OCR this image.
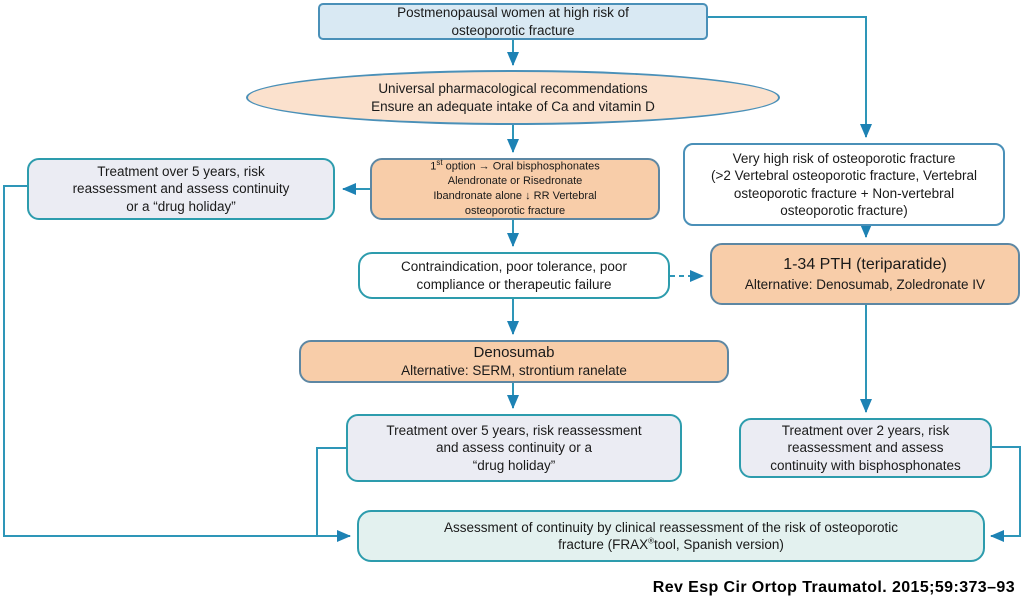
Postmenopausal women at high risk of
osteoporotic fracture
Universal pharmacological recommendations
Ensure an adequate intake of Ca and vitamin D
Treatment over 5 years, risk
reassessment and assess continuity
or a “drug holiday”
1st option → Oral bisphosphonates
Alendronate or Risedronate
Ibandronate alone ↓ RR Vertebral
osteoporotic fracture
Very high risk of osteoporotic fracture
(>2 Vertebral osteoporotic fracture, Vertebral
osteoporotic fracture + Non-vertebral
osteoporotic fracture)
Contraindication, poor tolerance, poor
compliance or therapeutic failure
1-34 PTH (teriparatide)
Alternative: Denosumab, Zoledronate IV
Denosumab
Alternative: SERM, strontium ranelate
Treatment over 5 years, risk reassessment
and assess continuity or a
“drug holiday”
Treatment over 2 years, risk
reassessment and assess
continuity with bisphosphonates
Assessment of continuity by clinical reassessment of the risk of osteoporotic
fracture (FRAX®tool, Spanish version)
Rev Esp Cir Ortop Traumatol. 2015;59:373–93
